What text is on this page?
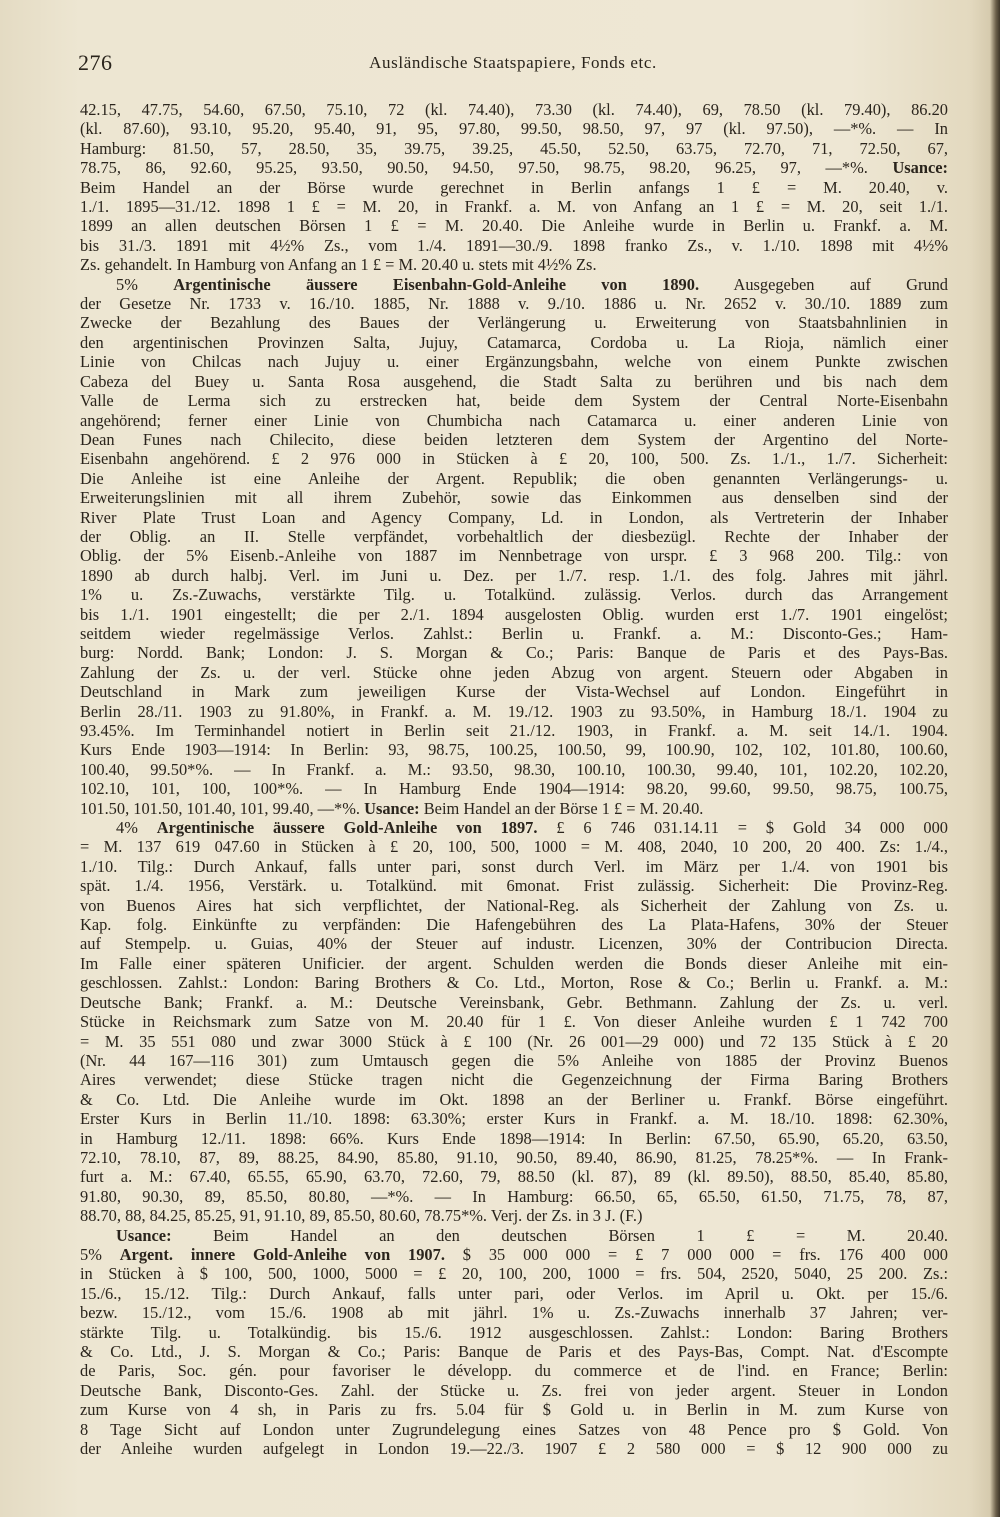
276	Ausländische Staatspapiere, Fonds etc.
42.15, 47.75, 54.60, 67.50, 75.10, 72 (kl. 74.40), 73.30 (kl. 74.40), 69, 78.50 (kl. 79.40), 86.20
(kl. 87.60), 93.10, 95.20, 95.40, 91, 95, 97.80, 99.50, 98.50, 97, 97 (kl. 97.50), —*%. — In
Hamburg: 81.50, 57, 28.50, 35, 39.75, 39.25, 45.50, 52.50, 63.75, 72.70, 71, 72.50, 67,
78.75, 86, 92.60, 95.25, 93.50, 90.50, 94.50, 97.50, 98.75, 98.20, 96.25, 97, —*%. Usance:
Beim Handel an der Börse wurde gerechnet in Berlin anfangs 1 £ = M. 20.40, v.
1./1. 1895—31./12. 1898 1 £ = M. 20, in Frankf. a. M. von Anfang an 1 £ = M. 20, seit 1./1.
1899 an allen deutschen Börsen 1 £ = M. 20.40. Die Anleihe wurde in Berlin u. Frankf. a. M.
bis 31./3. 1891 mit 4½% Zs., vom 1./4. 1891—30./9. 1898 franko Zs., v. 1./10. 1898 mit 4½%
Zs. gehandelt. In Hamburg von Anfang an 1 £ = M. 20.40 u. stets mit 4½% Zs.
5% Argentinische äussere Eisenbahn-Gold-Anleihe von 1890. Ausgegeben auf Grund
der Gesetze Nr. 1733 v. 16./10. 1885, Nr. 1888 v. 9./10. 1886 u. Nr. 2652 v. 30./10. 1889 zum
Zwecke der Bezahlung des Baues der Verlängerung u. Erweiterung von Staatsbahnlinien in
den argentinischen Provinzen Salta, Jujuy, Catamarca, Cordoba u. La Rioja, nämlich einer
Linie von Chilcas nach Jujuy u. einer Ergänzungsbahn, welche von einem Punkte zwischen
Cabeza del Buey u. Santa Rosa ausgehend, die Stadt Salta zu berühren und bis nach dem
Valle de Lerma sich zu erstrecken hat, beide dem System der Central Norte-Eisenbahn
angehörend; ferner einer Linie von Chumbicha nach Catamarca u. einer anderen Linie von
Dean Funes nach Chilecito, diese beiden letzteren dem System der Argentino del Norte-
Eisenbahn angehörend. £ 2 976 000 in Stücken à £ 20, 100, 500. Zs. 1./1., 1./7. Sicherheit:
Die Anleihe ist eine Anleihe der Argent. Republik; die oben genannten Verlängerungs- u.
Erweiterungslinien mit all ihrem Zubehör, sowie das Einkommen aus denselben sind der
River Plate Trust Loan and Agency Company, Ld. in London, als Vertreterin der Inhaber
der Oblig. an II. Stelle verpfändet, vorbehaltlich der diesbezügl. Rechte der Inhaber der
Oblig. der 5% Eisenb.-Anleihe von 1887 im Nennbetrage von urspr. £ 3 968 200. Tilg.: von
1890 ab durch halbj. Verl. im Juni u. Dez. per 1./7. resp. 1./1. des folg. Jahres mit jährl.
1% u. Zs.-Zuwachs, verstärkte Tilg. u. Totalkünd. zulässig. Verlos. durch das Arrangement
bis 1./1. 1901 eingestellt; die per 2./1. 1894 ausgelosten Oblig. wurden erst 1./7. 1901 eingelöst;
seitdem wieder regelmässige Verlos. Zahlst.: Berlin u. Frankf. a. M.: Disconto-Ges.; Ham-
burg: Nordd. Bank; London: J. S. Morgan & Co.; Paris: Banque de Paris et des Pays-Bas.
Zahlung der Zs. u. der verl. Stücke ohne jeden Abzug von argent. Steuern oder Abgaben in
Deutschland in Mark zum jeweiligen Kurse der Vista-Wechsel auf London. Eingeführt in
Berlin 28./11. 1903 zu 91.80%, in Frankf. a. M. 19./12. 1903 zu 93.50%, in Hamburg 18./1. 1904 zu
93.45%. Im Terminhandel notiert in Berlin seit 21./12. 1903, in Frankf. a. M. seit 14./1. 1904.
Kurs Ende 1903—1914: In Berlin: 93, 98.75, 100.25, 100.50, 99, 100.90, 102, 102, 101.80, 100.60,
100.40, 99.50*%. — In Frankf. a. M.: 93.50, 98.30, 100.10, 100.30, 99.40, 101, 102.20, 102.20,
102.10, 101, 100, 100*%. — In Hamburg Ende 1904—1914: 98.20, 99.60, 99.50, 98.75, 100.75,
101.50, 101.50, 101.40, 101, 99.40, —*%. Usance: Beim Handel an der Börse 1 £ = M. 20.40.
4% Argentinische äussere Gold-Anleihe von 1897. £ 6 746 031.14.11 = $ Gold 34 000 000
= M. 137 619 047.60 in Stücken à £ 20, 100, 500, 1000 = M. 408, 2040, 10 200, 20 400. Zs: 1./4.,
1./10. Tilg.: Durch Ankauf, falls unter pari, sonst durch Verl. im März per 1./4. von 1901 bis
spät. 1./4. 1956, Verstärk. u. Totalkünd. mit 6monat. Frist zulässig. Sicherheit: Die Provinz-Reg.
von Buenos Aires hat sich verpflichtet, der National-Reg. als Sicherheit der Zahlung von Zs. u.
Kap. folg. Einkünfte zu verpfänden: Die Hafengebühren des La Plata-Hafens, 30% der Steuer
auf Stempelp. u. Guias, 40% der Steuer auf industr. Licenzen, 30% der Contribucion Directa.
Im Falle einer späteren Unificier. der argent. Schulden werden die Bonds dieser Anleihe mit ein-
geschlossen. Zahlst.: London: Baring Brothers & Co. Ltd., Morton, Rose & Co.; Berlin u. Frankf. a. M.:
Deutsche Bank; Frankf. a. M.: Deutsche Vereinsbank, Gebr. Bethmann. Zahlung der Zs. u. verl.
Stücke in Reichsmark zum Satze von M. 20.40 für 1 £. Von dieser Anleihe wurden £ 1 742 700
= M. 35 551 080 und zwar 3000 Stück à £ 100 (Nr. 26 001—29 000) und 72 135 Stück à £ 20
(Nr. 44 167—116 301) zum Umtausch gegen die 5% Anleihe von 1885 der Provinz Buenos
Aires verwendet; diese Stücke tragen nicht die Gegenzeichnung der Firma Baring Brothers
& Co. Ltd. Die Anleihe wurde im Okt. 1898 an der Berliner u. Frankf. Börse eingeführt.
Erster Kurs in Berlin 11./10. 1898: 63.30%; erster Kurs in Frankf. a. M. 18./10. 1898: 62.30%,
in Hamburg 12./11. 1898: 66%. Kurs Ende 1898—1914: In Berlin: 67.50, 65.90, 65.20, 63.50,
72.10, 78.10, 87, 89, 88.25, 84.90, 85.80, 91.10, 90.50, 89.40, 86.90, 81.25, 78.25*%. — In Frank-
furt a. M.: 67.40, 65.55, 65.90, 63.70, 72.60, 79, 88.50 (kl. 87), 89 (kl. 89.50), 88.50, 85.40, 85.80,
91.80, 90.30, 89, 85.50, 80.80, —*%. — In Hamburg: 66.50, 65, 65.50, 61.50, 71.75, 78, 87,
88.70, 88, 84.25, 85.25, 91, 91.10, 89, 85.50, 80.60, 78.75*%. Verj. der Zs. in 3 J. (F.)
Usance: Beim Handel an den deutschen Börsen 1 £ = M. 20.40.
5% Argent. innere Gold-Anleihe von 1907. $ 35 000 000 = £ 7 000 000 = frs. 176 400 000
in Stücken à $ 100, 500, 1000, 5000 = £ 20, 100, 200, 1000 = frs. 504, 2520, 5040, 25 200. Zs.:
15./6., 15./12. Tilg.: Durch Ankauf, falls unter pari, oder Verlos. im April u. Okt. per 15./6.
bezw. 15./12., vom 15./6. 1908 ab mit jährl. 1% u. Zs.-Zuwachs innerhalb 37 Jahren; ver-
stärkte Tilg. u. Totalkündig. bis 15./6. 1912 ausgeschlossen. Zahlst.: London: Baring Brothers
& Co. Ltd., J. S. Morgan & Co.; Paris: Banque de Paris et des Pays-Bas, Compt. Nat. d'Escompte
de Paris, Soc. gén. pour favoriser le développ. du commerce et de l'ind. en France; Berlin:
Deutsche Bank, Disconto-Ges. Zahl. der Stücke u. Zs. frei von jeder argent. Steuer in London
zum Kurse von 4 sh, in Paris zu frs. 5.04 für $ Gold u. in Berlin in M. zum Kurse von
8 Tage Sicht auf London unter Zugrundelegung eines Satzes von 48 Pence pro $ Gold. Von
der Anleihe wurden aufgelegt in London 19.—22./3. 1907 £ 2 580 000 = $ 12 900 000 zu
